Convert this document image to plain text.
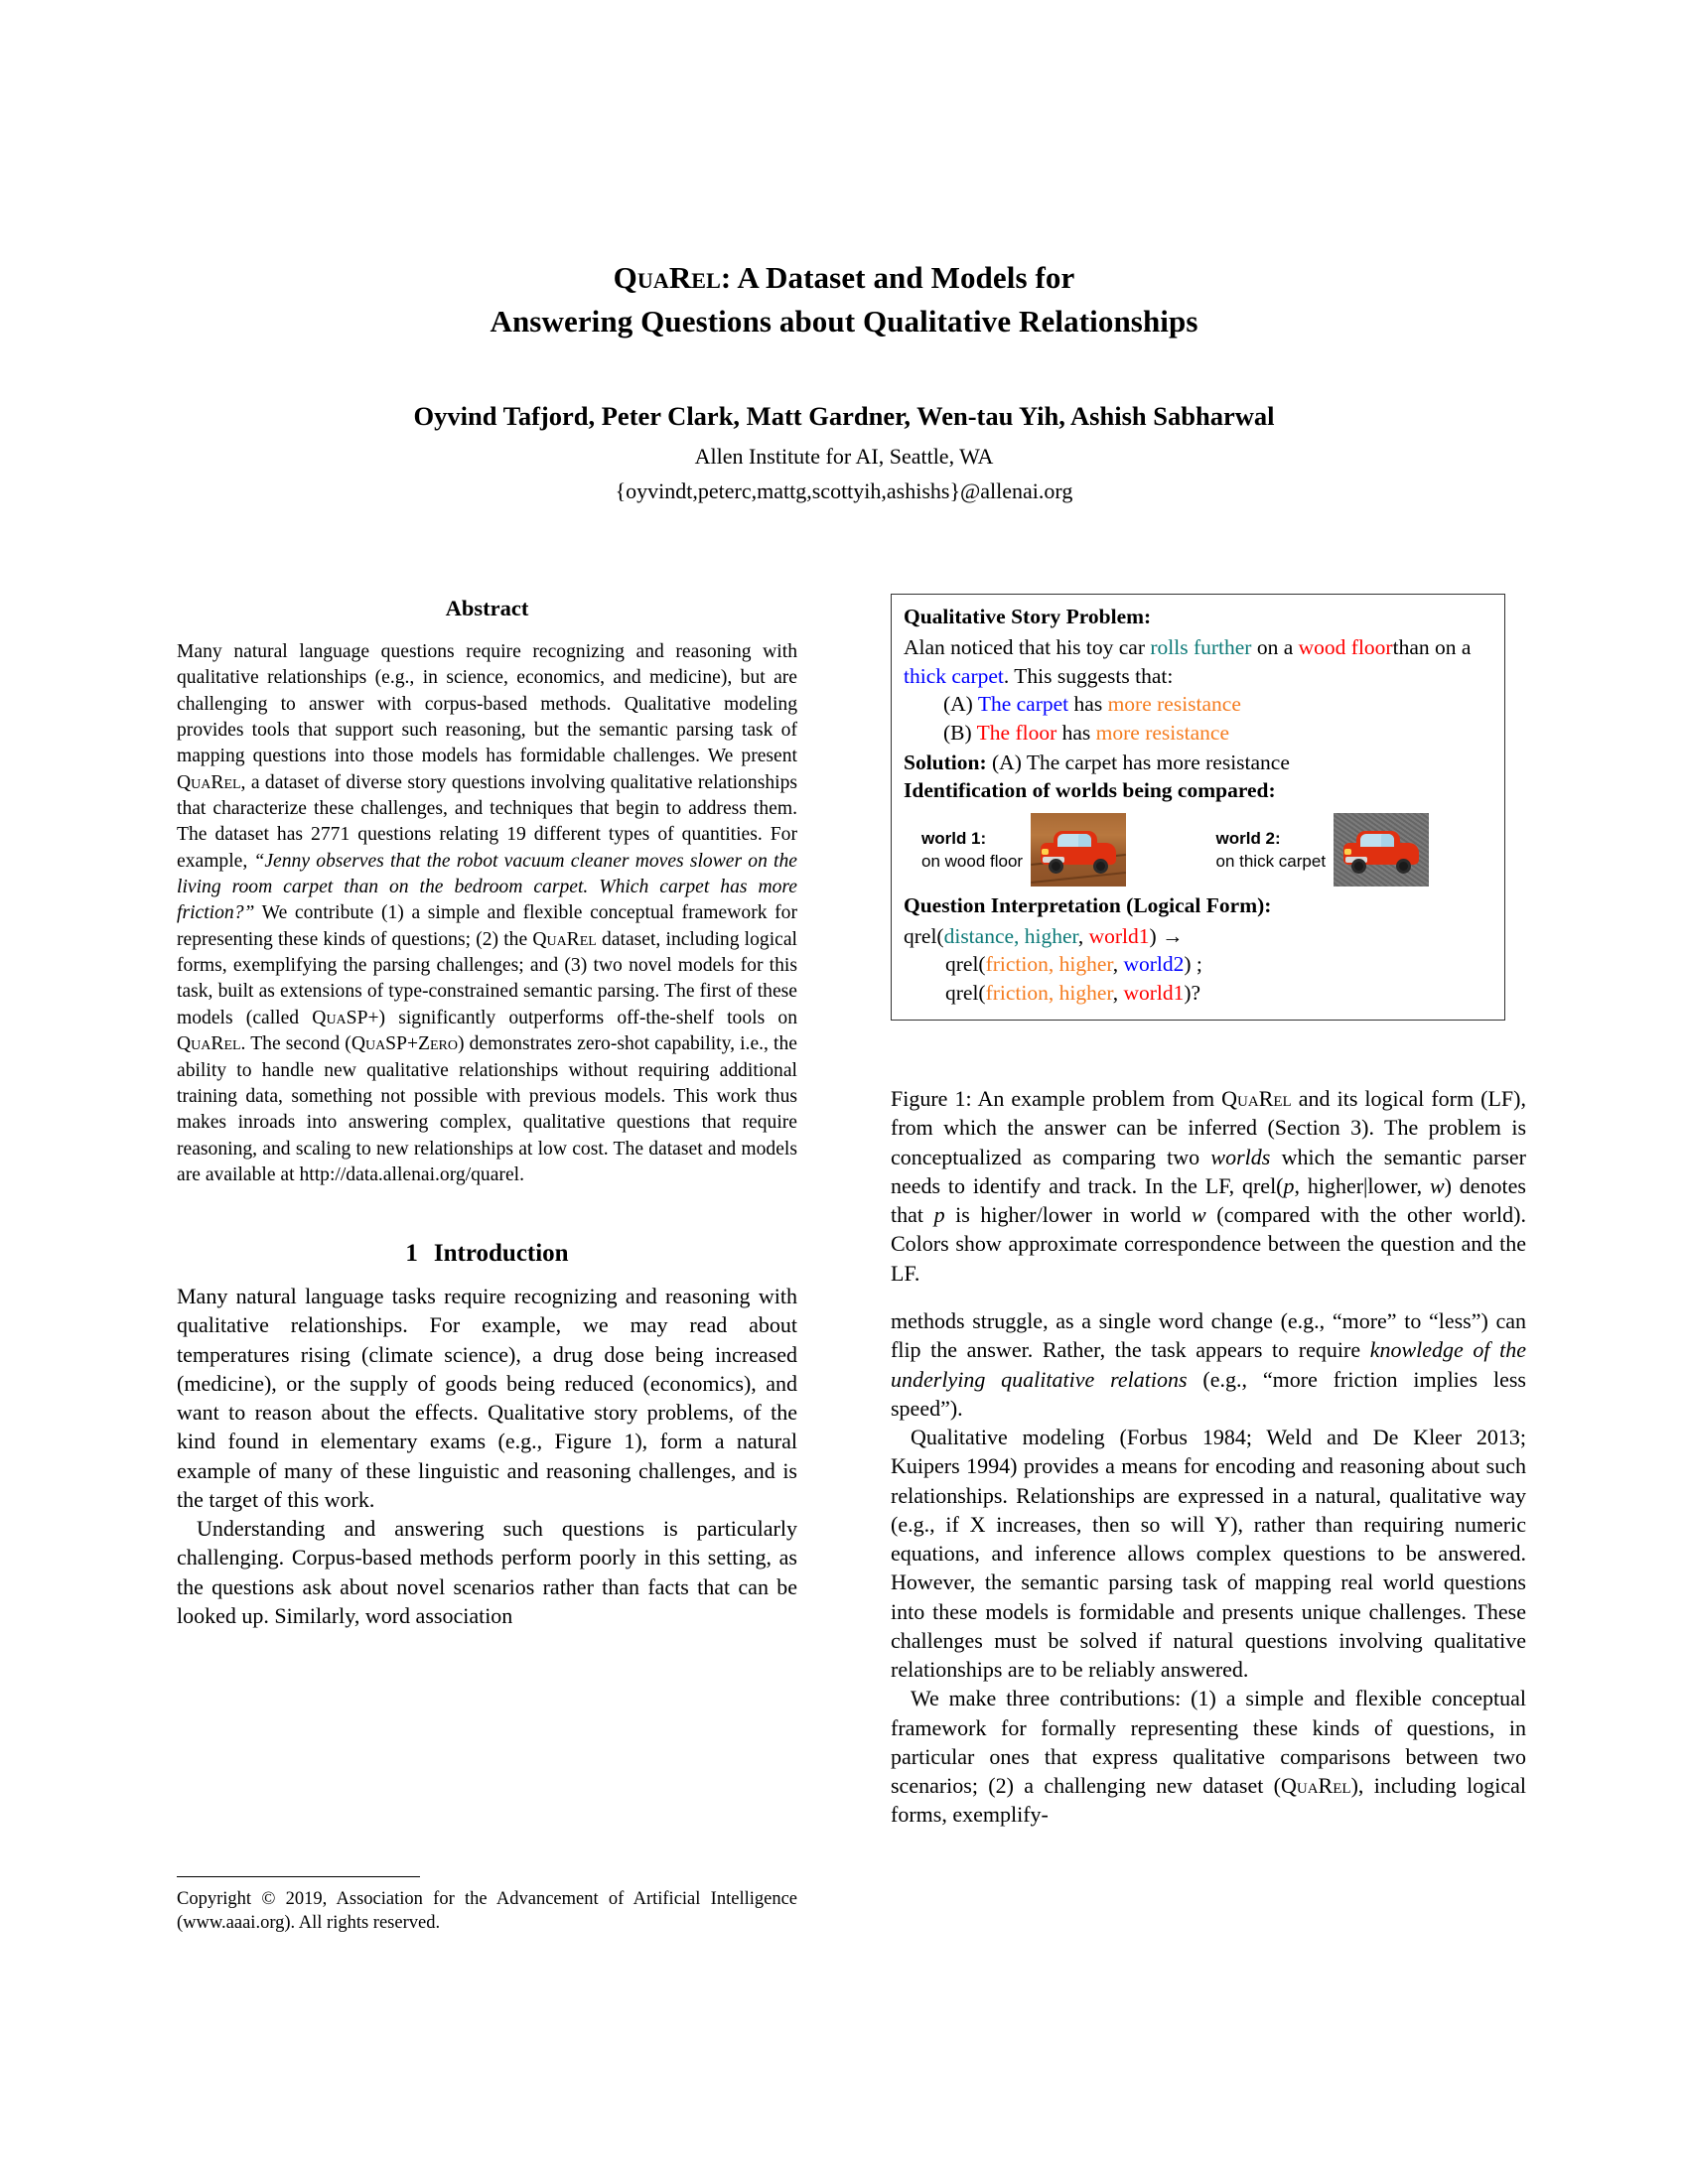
QuaRel: A Dataset and Models for
Answering Questions about Qualitative Relationships
Oyvind Tafjord, Peter Clark, Matt Gardner, Wen-tau Yih, Ashish Sabharwal
Allen Institute for AI, Seattle, WA
{oyvindt,peterc,mattg,scottyih,ashishs}@allenai.org
Abstract

Many natural language questions require recognizing and reasoning with qualitative relationships (e.g., in science, economics, and medicine), but are challenging to answer with corpus-based methods. Qualitative modeling provides tools that support such reasoning, but the semantic parsing task of mapping questions into those models has formidable challenges. We present QuaRel, a dataset of diverse story questions involving qualitative relationships that characterize these challenges, and techniques that begin to address them. The dataset has 2771 questions relating 19 different types of quantities. For example, “Jenny observes that the robot vacuum cleaner moves slower on the living room carpet than on the bedroom carpet. Which carpet has more friction?” We contribute (1) a simple and flexible conceptual framework for representing these kinds of questions; (2) the QuaRel dataset, including logical forms, exemplifying the parsing challenges; and (3) two novel models for this task, built as extensions of type-constrained semantic parsing. The first of these models (called QuaSP+) significantly outperforms off-the-shelf tools on QuaRel. The second (QuaSP+Zero) demonstrates zero-shot capability, i.e., the ability to handle new qualitative relationships without requiring additional training data, something not possible with previous models. This work thus makes inroads into answering complex, qualitative questions that require reasoning, and scaling to new relationships at low cost. The dataset and models are available at http://data.allenai.org/quarel.

1 Introduction

Many natural language tasks require recognizing and reasoning with qualitative relationships. For example, we may read about temperatures rising (climate science), a drug dose being increased (medicine), or the supply of goods being reduced (economics), and want to reason about the effects. Qualitative story problems, of the kind found in elementary exams (e.g., Figure 1), form a natural example of many of these linguistic and reasoning challenges, and is the target of this work.

Understanding and answering such questions is particularly challenging. Corpus-based methods perform poorly in this setting, as the questions ask about novel scenarios rather than facts that can be looked up. Similarly, word association

Copyright © 2019, Association for the Advancement of Artificial Intelligence (www.aaai.org). All rights reserved.

Qualitative Story Problem:

Alan noticed that his toy car rolls further on a wood floorthan on a thick carpet. This suggests that:

(A) The carpet has more resistance

(B) The floor has more resistance

Solution: (A) The carpet has more resistance

Identification of worlds being compared:
world 1:
on wood floor
world 2:
on thick carpet
Question Interpretation (Logical Form):

qrel(distance, higher, world1) →

qrel(friction, higher, world2) ;

qrel(friction, higher, world1)?

Figure 1: An example problem from QuaRel and its logical form (LF), from which the answer can be inferred (Section 3). The problem is conceptualized as comparing two worlds which the semantic parser needs to identify and track. In the LF, qrel(p, higher|lower, w) denotes that p is higher/lower in world w (compared with the other world). Colors show approximate correspondence between the question and the LF.

methods struggle, as a single word change (e.g., “more” to “less”) can flip the answer. Rather, the task appears to require knowledge of the underlying qualitative relations (e.g., “more friction implies less speed”).

Qualitative modeling (Forbus 1984; Weld and De Kleer 2013; Kuipers 1994) provides a means for encoding and reasoning about such relationships. Relationships are expressed in a natural, qualitative way (e.g., if X increases, then so will Y), rather than requiring numeric equations, and inference allows complex questions to be answered. However, the semantic parsing task of mapping real world questions into these models is formidable and presents unique challenges. These challenges must be solved if natural questions involving qualitative relationships are to be reliably answered.

We make three contributions: (1) a simple and flexible conceptual framework for formally representing these kinds of questions, in particular ones that express qualitative comparisons between two scenarios; (2) a challenging new dataset (QuaRel), including logical forms, exemplify-
